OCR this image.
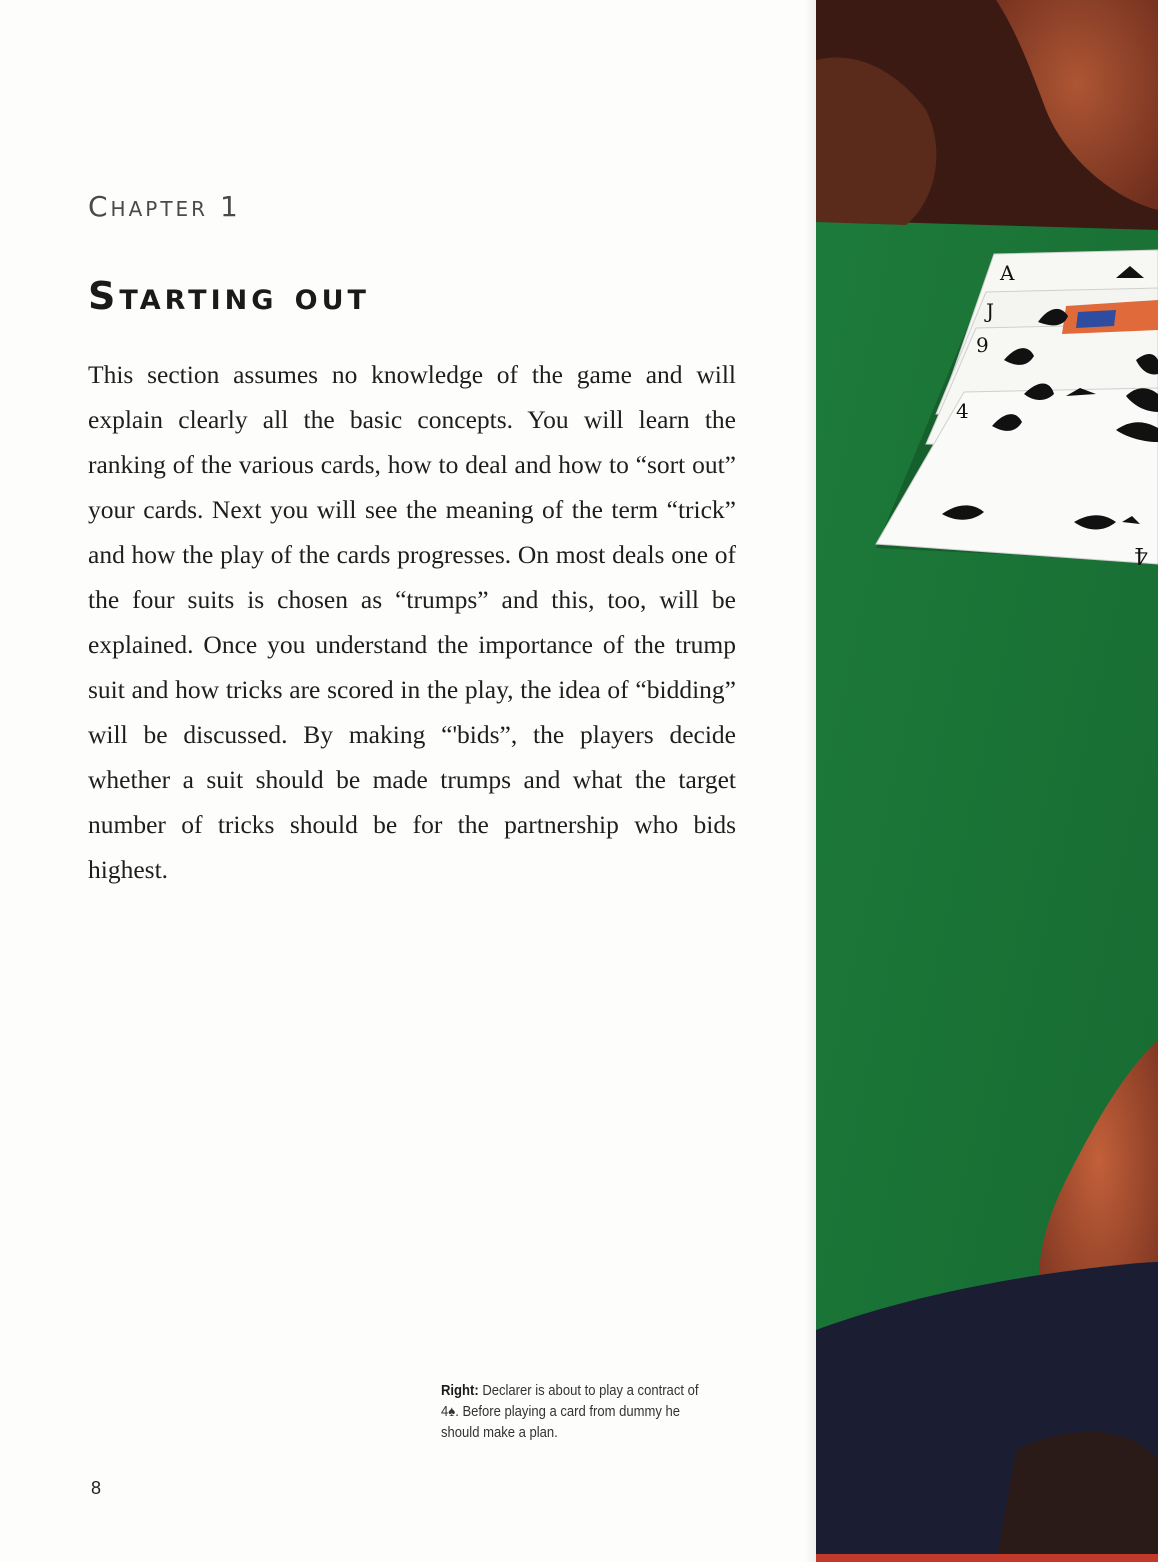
Chapter 1
Starting out

This section assumes no knowledge of the game and will explain clearly all the basic concepts. You will learn the ranking of the various cards, how to deal and how to “sort out” your cards. Next you will see the meaning of the term “trick” and how the play of the cards progresses. On most deals one of the four suits is chosen as “trumps” and this, too, will be explained. Once you understand the importance of the trump suit and how tricks are scored in the play, the idea of “bidding” will be discussed. By making “'bids”, the players decide whether a suit should be made trumps and what the target number of tricks should be for the partnership who bids highest.

Right: Declarer is about to play a contract of 4♠. Before playing a card from dummy he should make a plan.

8
A
J
9
4
4
